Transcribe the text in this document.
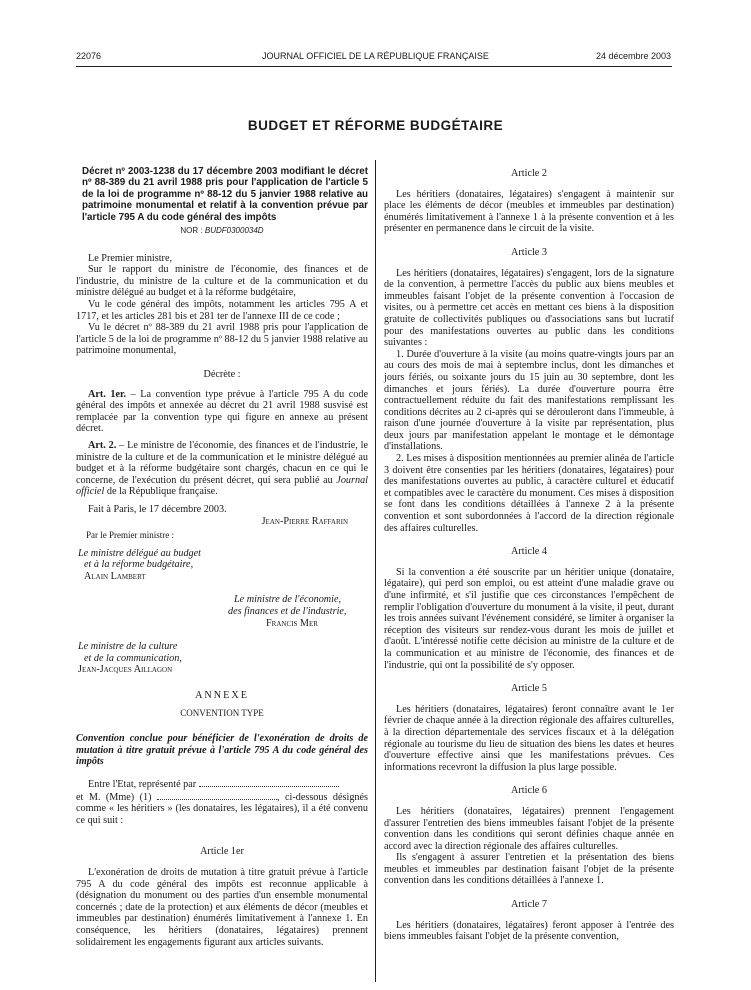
22076	JOURNAL OFFICIEL DE LA RÉPUBLIQUE FRANÇAISE	24 décembre 2003
BUDGET ET RÉFORME BUDGÉTAIRE

Décret nº 2003-1238 du 17 décembre 2003 modifiant le décret nº 88-389 du 21 avril 1988 pris pour l'application de l'article 5 de la loi de programme nº 88-12 du 5 janvier 1988 relative au patrimoine monumental et relatif à la convention prévue par l'article 795 A du code général des impôts

NOR : BUDF0300034D

Le Premier ministre,

Sur le rapport du ministre de l'économie, des finances et de l'industrie, du ministre de la culture et de la communication et du ministre délégué au budget et à la réforme budgétaire,

Vu le code général des impôts, notamment les articles 795 A et 1717, et les articles 281 bis et 281 ter de l'annexe III de ce code ;

Vu le décret nº 88-389 du 21 avril 1988 pris pour l'application de l'article 5 de la loi de programme nº 88-12 du 5 janvier 1988 relative au patrimoine monumental,

Décrète :

Art. 1er. – La convention type prévue à l'article 795 A du code général des impôts et annexée au décret du 21 avril 1988 susvisé est remplacée par la convention type qui figure en annexe au présent décret.

Art. 2. – Le ministre de l'économie, des finances et de l'industrie, le ministre de la culture et de la communication et le ministre délégué au budget et à la réforme budgétaire sont chargés, chacun en ce qui le concerne, de l'exécution du présent décret, qui sera publié au Journal officiel de la République française.

Fait à Paris, le 17 décembre 2003.

Jean-Pierre Raffarin

Par le Premier ministre :

Le ministre délégué au budget

et à la réforme budgétaire,

Alain Lambert

Le ministre de l'économie,

des finances et de l'industrie,

Francis Mer

Le ministre de la culture

et de la communication,

Jean-Jacques Aillagon

ANNEXE

CONVENTION TYPE

Convention conclue pour bénéficier de l'exonération de droits de mutation à titre gratuit prévue à l'article 795 A du code général des impôts

Entre l'Etat, représenté par

et M. (Mme) (1)	, ci-dessous désignés comme « les héritiers » (les donataires, les légataires), il a été convenu ce qui suit :

Article 1er

L'exonération de droits de mutation à titre gratuit prévue à l'article 795 A du code général des impôts est reconnue applicable à (désignation du monument ou des parties d'un ensemble monumental concernés ; date de la protection) et aux éléments de décor (meubles et immeubles par destination) énumérés limitativement à l'annexe 1. En conséquence, les héritiers (donataires, légataires) prennent solidairement les engagements figurant aux articles suivants.

Article 2

Les héritiers (donataires, légataires) s'engagent à maintenir sur place les éléments de décor (meubles et immeubles par destination) énumérés limitativement à l'annexe 1 à la présente convention et à les présenter en permanence dans le circuit de la visite.

Article 3

Les héritiers (donataires, légataires) s'engagent, lors de la signature de la convention, à permettre l'accès du public aux biens meubles et immeubles faisant l'objet de la présente convention à l'occasion de visites, ou à permettre cet accès en mettant ces biens à la disposition gratuite de collectivités publiques ou d'associations sans but lucratif pour des manifestations ouvertes au public dans les conditions suivantes :

1. Durée d'ouverture à la visite (au moins quatre-vingts jours par an au cours des mois de mai à septembre inclus, dont les dimanches et jours fériés, ou soixante jours du 15 juin au 30 septembre, dont les dimanches et jours fériés). La durée d'ouverture pourra être contractuellement réduite du fait des manifestations remplissant les conditions décrites au 2 ci-après qui se dérouleront dans l'immeuble, à raison d'une journée d'ouverture à la visite par représentation, plus deux jours par manifestation appelant le montage et le démontage d'installations.

2. Les mises à disposition mentionnées au premier alinéa de l'article 3 doivent être consenties par les héritiers (donataires, légataires) pour des manifestations ouvertes au public, à caractère culturel et éducatif et compatibles avec le caractère du monument. Ces mises à disposition se font dans les conditions détaillées à l'annexe 2 à la présente convention et sont subordonnées à l'accord de la direction régionale des affaires culturelles.

Article 4

Si la convention a été souscrite par un héritier unique (donataire, légataire), qui perd son emploi, ou est atteint d'une maladie grave ou d'une infirmité, et s'il justifie que ces circonstances l'empêchent de remplir l'obligation d'ouverture du monument à la visite, il peut, durant les trois années suivant l'événement considéré, se limiter à organiser la réception des visiteurs sur rendez-vous durant les mois de juillet et d'août. L'intéressé notifie cette décision au ministre de la culture et de la communication et au ministre de l'économie, des finances et de l'industrie, qui ont la possibilité de s'y opposer.

Article 5

Les héritiers (donataires, légataires) feront connaître avant le 1er février de chaque année à la direction régionale des affaires culturelles, à la direction départementale des services fiscaux et à la délégation régionale au tourisme du lieu de situation des biens les dates et heures d'ouverture effective ainsi que les manifestations prévues. Ces informations recevront la diffusion la plus large possible.

Article 6

Les héritiers (donataires, légataires) prennent l'engagement d'assurer l'entretien des biens immeubles faisant l'objet de la présente convention dans les conditions qui seront définies chaque année en accord avec la direction régionale des affaires culturelles.

Ils s'engagent à assurer l'entretien et la présentation des biens meubles et immeubles par destination faisant l'objet de la présente convention dans les conditions détaillées à l'annexe 1.

Article 7

Les héritiers (donataires, légataires) feront apposer à l'entrée des biens immeubles faisant l'objet de la présente convention,
